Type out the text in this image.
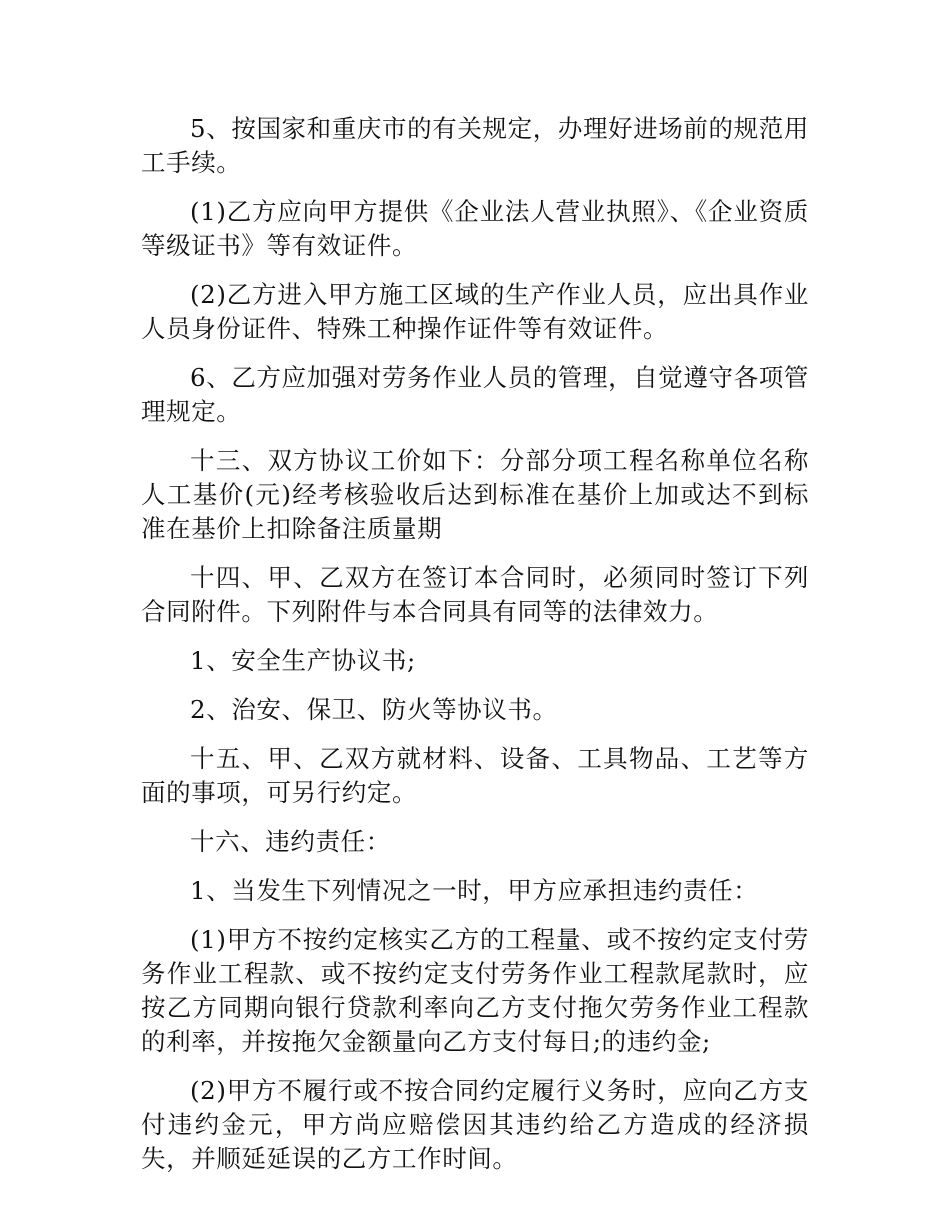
5、按国家和重庆市的有关规定，办理好进场前的规范用工手续。

(1)乙方应向甲方提供《企业法人营业执照》、《企业资质等级证书》等有效证件。

(2)乙方进入甲方施工区域的生产作业人员，应出具作业人员身份证件、特殊工种操作证件等有效证件。

6、乙方应加强对劳务作业人员的管理，自觉遵守各项管理规定。

十三、双方协议工价如下：分部分项工程名称单位名称人工基价(元)经考核验收后达到标准在基价上加或达不到标准在基价上扣除备注质量期

十四、甲、乙双方在签订本合同时，必须同时签订下列合同附件。下列附件与本合同具有同等的法律效力。

1、安全生产协议书;

2、治安、保卫、防火等协议书。

十五、甲、乙双方就材料、设备、工具物品、工艺等方面的事项，可另行约定。

十六、违约责任：

1、当发生下列情况之一时，甲方应承担违约责任：

(1)甲方不按约定核实乙方的工程量、或不按约定支付劳务作业工程款、或不按约定支付劳务作业工程款尾款时，应按乙方同期向银行贷款利率向乙方支付拖欠劳务作业工程款的利率，并按拖欠金额量向乙方支付每日;的违约金;

(2)甲方不履行或不按合同约定履行义务时，应向乙方支付违约金元，甲方尚应赔偿因其违约给乙方造成的经济损失，并顺延延误的乙方工作时间。
